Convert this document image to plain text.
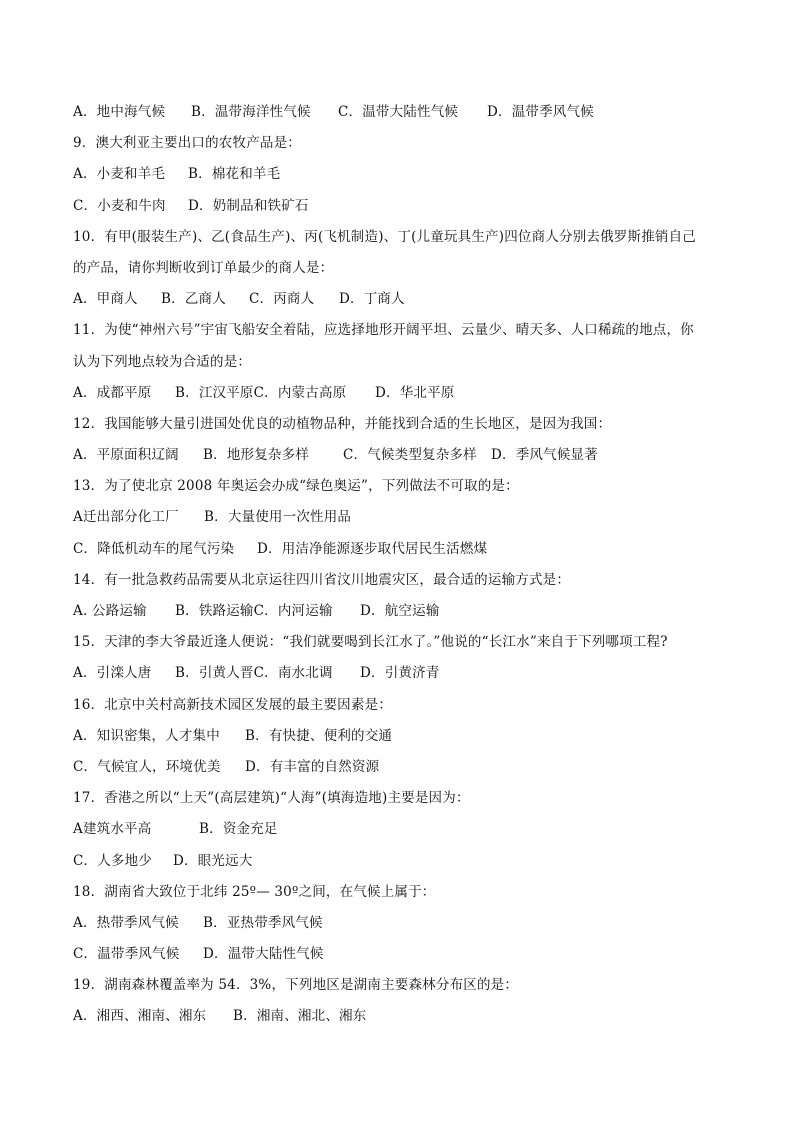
A．地中海气候 B．温带海洋性气候 C．温带大陆性气候 D．温带季风气候
9．澳大利亚主要出口的农牧产品是：
A．小麦和羊毛 B．棉花和羊毛
C．小麦和牛肉 D．奶制品和铁矿石
10．有甲(服装生产)、乙(食品生产)、丙(飞机制造)、丁(儿童玩具生产)四位商人分别去俄罗斯推销自己
的产品，请你判断收到订单最少的商人是：
A．甲商人 B．乙商人 C．丙商人 D．丁商人
11．为使“神州六号”宇宙飞船安全着陆，应选择地形开阔平坦、云量少、晴天多、人口稀疏的地点，你
认为下列地点较为合适的是：
A．成都平原 B．江汉平原C．内蒙古高原 D．华北平原
12．我国能够大量引进国处优良的动植物品种，并能找到合适的生长地区，是因为我国：
A．平原面积辽阔 B．地形复杂多样	C．气候类型复杂多样 D．季风气候显著
13．为了使北京 2008 年奥运会办成“绿色奥运”，下列做法不可取的是：
A迁出部分化工厂 B．大量使用一次性用品
C．降低机动车的尾气污染 D．用洁净能源逐步取代居民生活燃煤
14．有一批急救药品需要从北京运往四川省汶川地震灾区，最合适的运输方式是：
A. 公路运输 B．铁路运输C．内河运输 D．航空运输
15．天津的李大爷最近逢人便说：“我们就要喝到长江水了。”他说的“长江水”来自于下列哪项工程?
A．引滦人唐 B．引黄人晋C．南水北调 D．引黄济青
16．北京中关村高新技术园区发展的最主要因素是：
A．知识密集，人才集中 B．有快捷、便利的交通
C．气候宜人，环境优美 D．有丰富的自然资源
17．香港之所以“上天”(高层建筑)“人海”(填海造地)主要是因为：
A建筑水平高	B．资金充足
C．人多地少 D．眼光远大
18．湖南省大致位于北纬 25º— 30º之间，在气候上属于：
A．热带季风气候 B．亚热带季风气候
C．温带季风气候 D．温带大陆性气候
19．湖南森林覆盖率为 54．3%，下列地区是湖南主要森林分布区的是：
A．湘西、湘南、湘东 B．湘南、湘北、湘东
